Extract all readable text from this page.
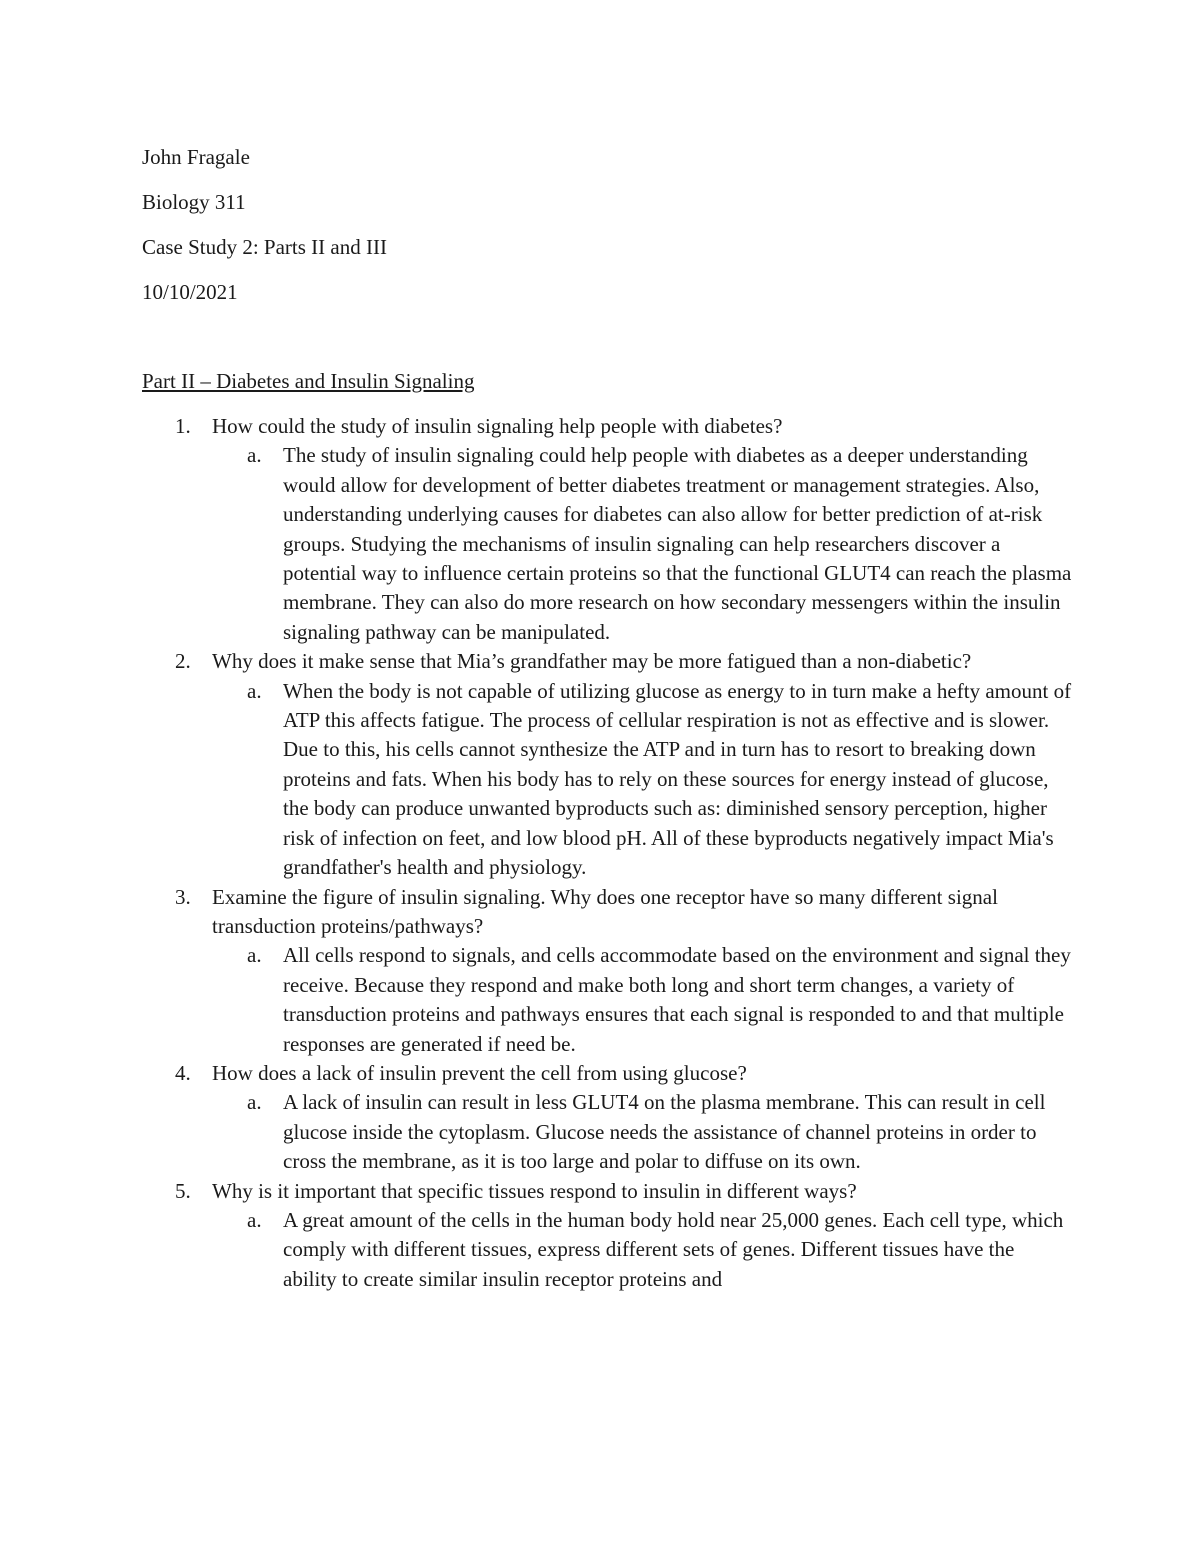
John Fragale
Biology 311
Case Study 2: Parts II and III
10/10/2021
Part II – Diabetes and Insulin Signaling
1. How could the study of insulin signaling help people with diabetes?
a. The study of insulin signaling could help people with diabetes as a deeper understanding would allow for development of better diabetes treatment or management strategies. Also, understanding underlying causes for diabetes can also allow for better prediction of at-risk groups. Studying the mechanisms of insulin signaling can help researchers discover a potential way to influence certain proteins so that the functional GLUT4 can reach the plasma membrane. They can also do more research on how secondary messengers within the insulin signaling pathway can be manipulated.
2. Why does it make sense that Mia’s grandfather may be more fatigued than a non-diabetic?
a. When the body is not capable of utilizing glucose as energy to in turn make a hefty amount of ATP this affects fatigue. The process of cellular respiration is not as effective and is slower. Due to this, his cells cannot synthesize the ATP and in turn has to resort to breaking down proteins and fats. When his body has to rely on these sources for energy instead of glucose, the body can produce unwanted byproducts such as: diminished sensory perception, higher risk of infection on feet, and low blood pH. All of these byproducts negatively impact Mia's grandfather's health and physiology.
3. Examine the figure of insulin signaling. Why does one receptor have so many different signal transduction proteins/pathways?
a. All cells respond to signals, and cells accommodate based on the environment and signal they receive. Because they respond and make both long and short term changes, a variety of transduction proteins and pathways ensures that each signal is responded to and that multiple responses are generated if need be.
4. How does a lack of insulin prevent the cell from using glucose?
a. A lack of insulin can result in less GLUT4 on the plasma membrane. This can result in cell glucose inside the cytoplasm. Glucose needs the assistance of channel proteins in order to cross the membrane, as it is too large and polar to diffuse on its own.
5. Why is it important that specific tissues respond to insulin in different ways?
a. A great amount of the cells in the human body hold near 25,000 genes. Each cell type, which comply with different tissues, express different sets of genes. Different tissues have the ability to create similar insulin receptor proteins and
